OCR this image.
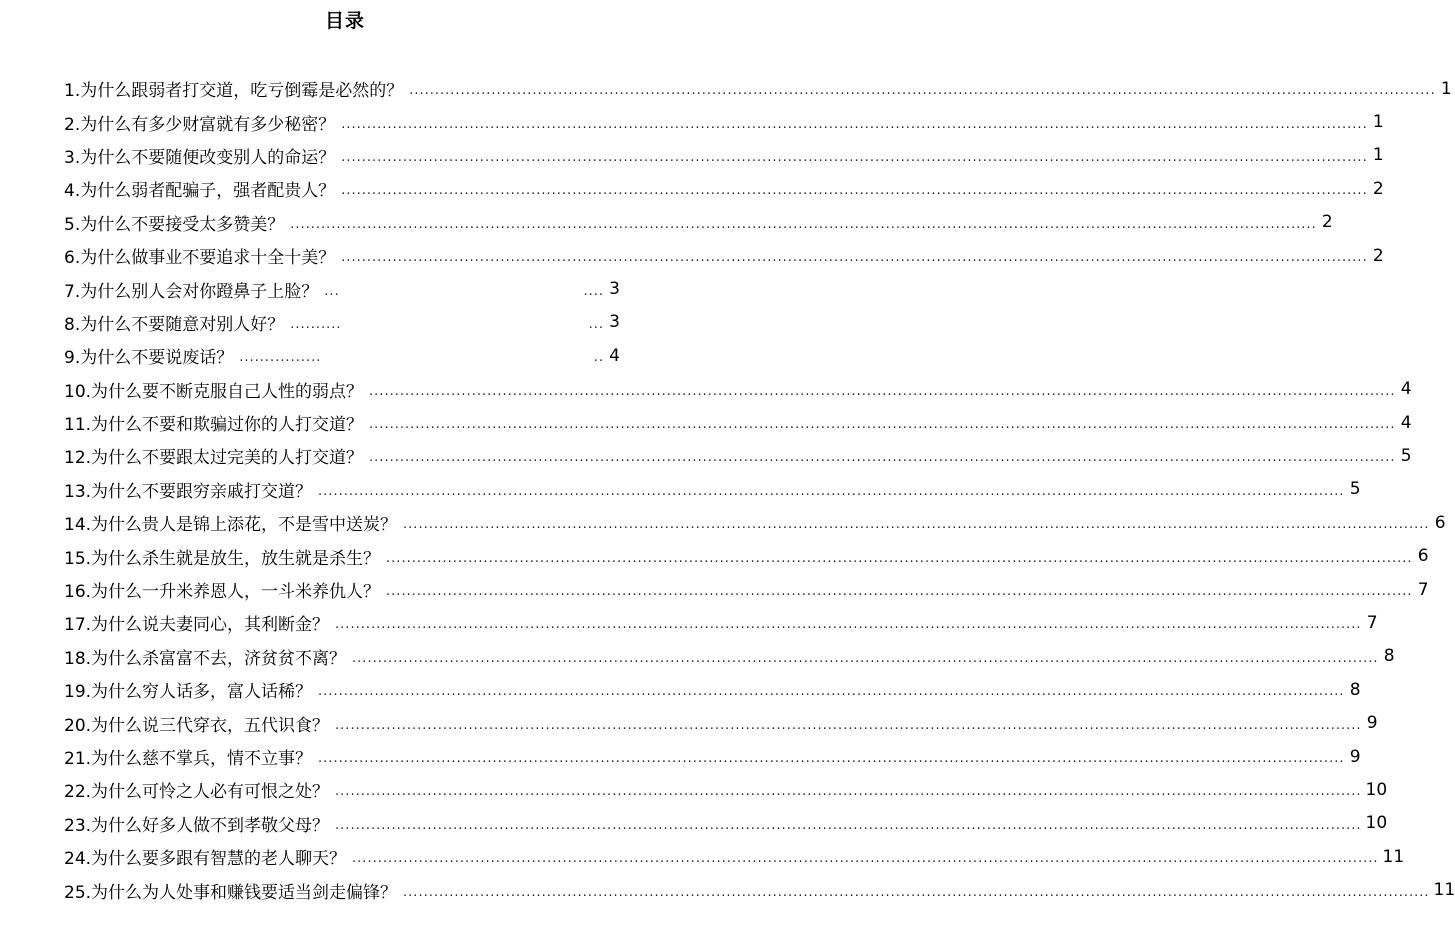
目录
1.为什么跟弱者打交道，吃亏倒霉是必然的？ ........................................................................................................................................................................................................ 1
2.为什么有多少财富就有多少秘密？ ........................................................................................................................................................................................................ 1
3.为什么不要随便改变别人的命运？ ........................................................................................................................................................................................................ 1
4.为什么弱者配骗子，强者配贵人？ ........................................................................................................................................................................................................ 2
5.为什么不要接受太多赞美？ ........................................................................................................................................................................................................ 2
6.为什么做事业不要追求十全十美？ ........................................................................................................................................................................................................ 2
7.为什么别人会对你蹬鼻子上脸？ ...	.... 3
8.为什么不要随意对别人好？ ..........	... 3
9.为什么不要说废话？ ................	.. 4
10.为什么要不断克服自己人性的弱点？ ........................................................................................................................................................................................................ 4
11.为什么不要和欺骗过你的人打交道？ ........................................................................................................................................................................................................ 4
12.为什么不要跟太过完美的人打交道？ ........................................................................................................................................................................................................ 5
13.为什么不要跟穷亲戚打交道？ ........................................................................................................................................................................................................ 5
14.为什么贵人是锦上添花，不是雪中送炭？ ........................................................................................................................................................................................................ 6
15.为什么杀生就是放生，放生就是杀生？ ........................................................................................................................................................................................................ 6
16.为什么一升米养恩人，一斗米养仇人？ ........................................................................................................................................................................................................ 7
17.为什么说夫妻同心，其利断金？ ........................................................................................................................................................................................................ 7
18.为什么杀富富不去，济贫贫不离？ ........................................................................................................................................................................................................ 8
19.为什么穷人话多，富人话稀？ ........................................................................................................................................................................................................ 8
20.为什么说三代穿衣，五代识食？ ........................................................................................................................................................................................................ 9
21.为什么慈不掌兵，情不立事？ ........................................................................................................................................................................................................ 9
22.为什么可怜之人必有可恨之处？ ........................................................................................................................................................................................................ 10
23.为什么好多人做不到孝敬父母？ ........................................................................................................................................................................................................ 10
24.为什么要多跟有智慧的老人聊天？ ........................................................................................................................................................................................................ 11
25.为什么为人处事和赚钱要适当剑走偏锋？ ........................................................................................................................................................................................................ 11
